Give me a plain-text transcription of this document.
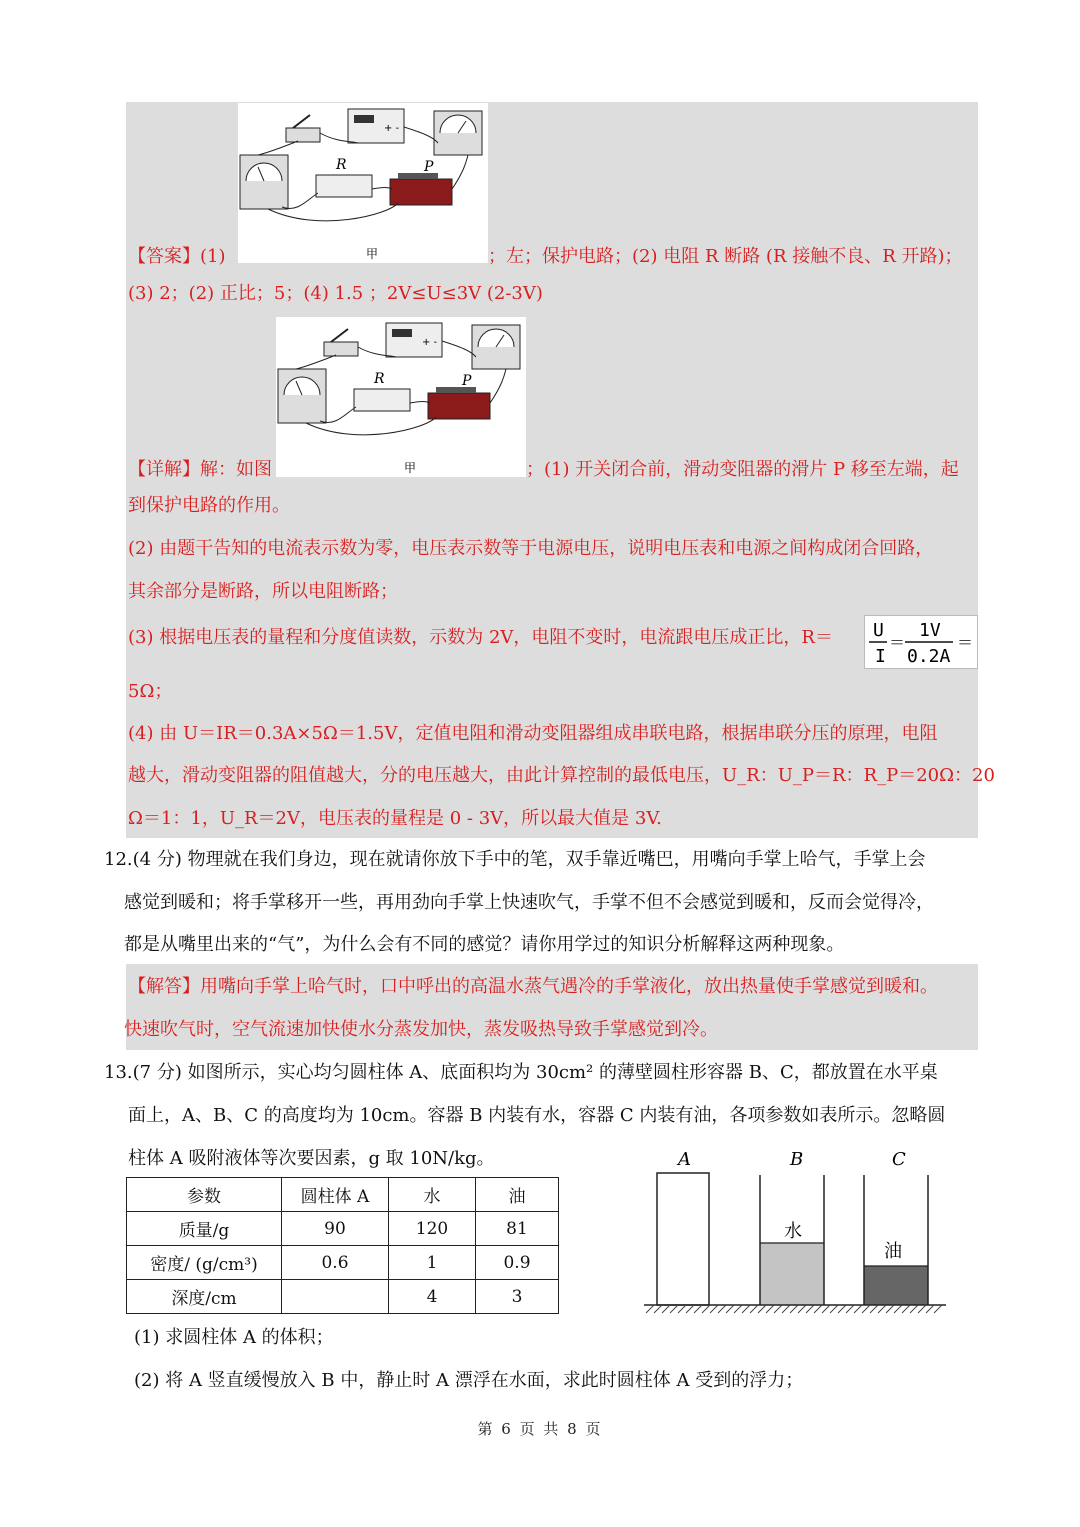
+ -
R	P
甲
【答案】(1)	；左；保护电路；(2) 电阻 R 断路 (R 接触不良、R 开路)；
(3) 2；(2) 正比；5；(4) 1.5 ；2V≤U≤3V (2-3V)
+ -
R	P
甲
【详解】解：如图	；(1) 开关闭合前，滑动变阻器的滑片 P 移至左端，起
到保护电路的作用。
(2) 由题干告知的电流表示数为零，电压表示数等于电源电压，说明电压表和电源之间构成闭合回路，
其余部分是断路，所以电阻断路；
(3) 根据电压表的量程和分度值读数，示数为 2V，电阻不变时，电流跟电压成正比，R＝ U
I
＝
1V
0.2A
＝
5Ω；
(4) 由 U＝IR＝0.3A×5Ω＝1.5V，定值电阻和滑动变阻器组成串联电路，根据串联分压的原理，电阻
越大，滑动变阻器的阻值越大，分的电压越大，由此计算控制的最低电压，U_R：U_P＝R：R_P＝20Ω：20
Ω＝1：1，U_R＝2V，电压表的量程是 0 - 3V，所以最大值是 3V.
12.(4 分) 物理就在我们身边，现在就请你放下手中的笔，双手靠近嘴巴，用嘴向手掌上哈气，手掌上会
感觉到暖和；将手掌移开一些，再用劲向手掌上快速吹气，手掌不但不会感觉到暖和，反而会觉得冷，
都是从嘴里出来的“气”，为什么会有不同的感觉？请你用学过的知识分析解释这两种现象。
【解答】用嘴向手掌上哈气时，口中呼出的高温水蒸气遇冷的手掌液化，放出热量使手掌感觉到暖和。
快速吹气时，空气流速加快使水分蒸发加快，蒸发吸热导致手掌感觉到冷。
13.(7 分) 如图所示，实心均匀圆柱体 A、底面积均为 30cm² 的薄壁圆柱形容器 B、C，都放置在水平桌
面上，A、B、C 的高度均为 10cm。容器 B 内装有水，容器 C 内装有油，各项参数如表所示。忽略圆
柱体 A 吸附液体等次要因素，g 取 10N/kg。
参数	圆柱体 A	水	油
质量/g	90	120	81
密度/ (g/cm³)	0.6	1	0.9
深度/cm		4	3
A	B	C
水
油
(1) 求圆柱体 A 的体积；
(2) 将 A 竖直缓慢放入 B 中，静止时 A 漂浮在水面，求此时圆柱体 A 受到的浮力；
第 6 页 共 8 页
